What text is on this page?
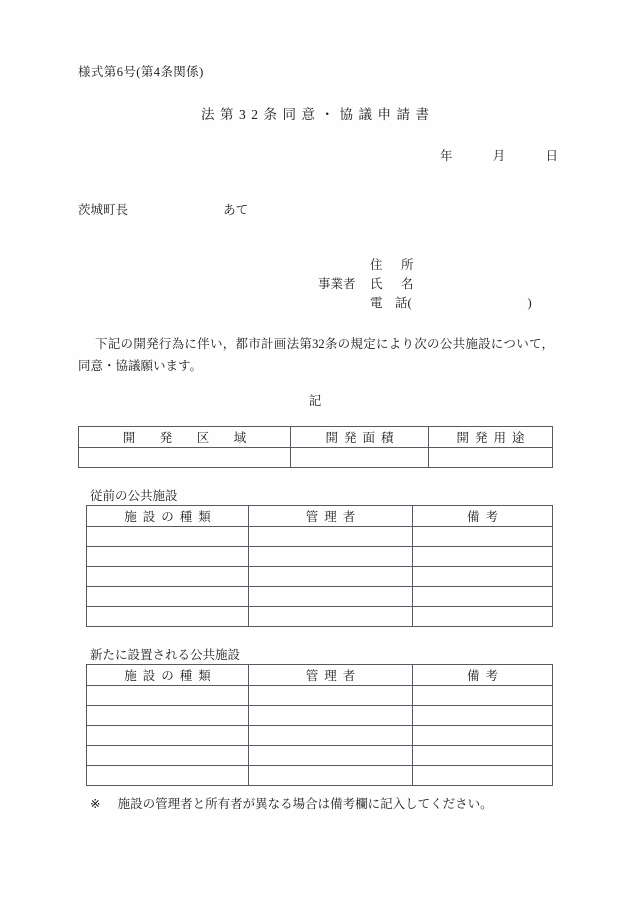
様式第6号(第4条関係)
法第32条同意・協議申請書
年	月	日
茨城町長	あて
住　所
事業者	氏　名
電　話(	)
下記の開発行為に伴い，都市計画法第32条の規定により次の公共施設について，同意・協議願います。
記
開　発　区　域	開発面積	開発用途

従前の公共施設
施設の種類	管理者	備考

新たに設置される公共施設
施設の種類	管理者	備考

※ 施設の管理者と所有者が異なる場合は備考欄に記入してください。
